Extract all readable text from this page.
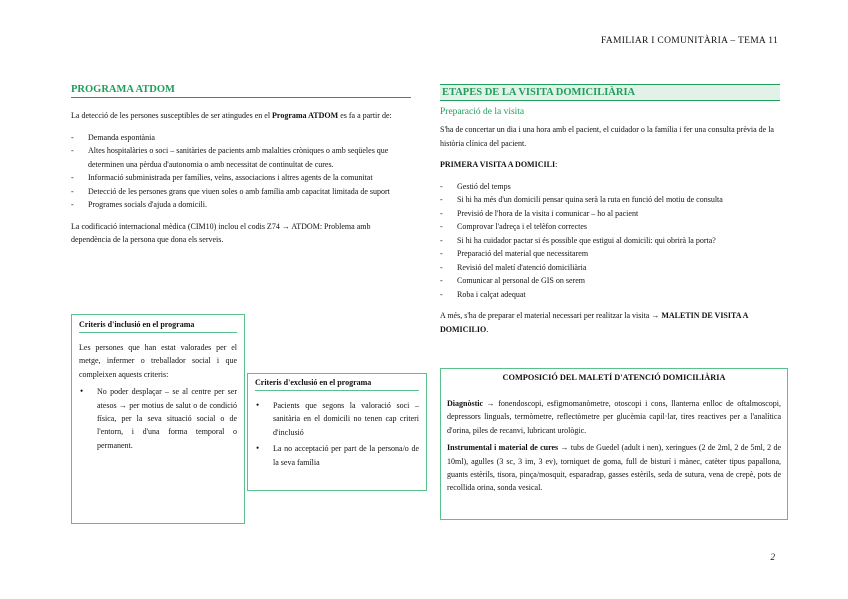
FAMILIAR I COMUNITÀRIA – TEMA 11
PROGRAMA ATDOM

La detecció de les persones susceptibles de ser atingudes en el Programa ATDOM es fa a partir de:

- Demanda espontània
- Altes hospitalàries o soci – sanitàries de pacients amb malalties cròniques o amb seqüeles que determinen una pèrdua d'autonomia o amb necessitat de continuïtat de cures.
- Informació subministrada per famílies, veïns, associacions i altres agents de la comunitat
- Detecció de les persones grans que viuen soles o amb família amb capacitat limitada de suport
- Programes socials d'ajuda a domicili.

La codificació internacional mèdica (CIM10) inclou el codis Z74 → ATDOM: Problema amb dependència de la persona que dona els serveis.

Criteris d'inclusió en el programa

Les persones que han estat valorades per el metge, infermer o treballador social i que compleixen aquests criteris:

• No poder desplaçar – se al centre per ser atesos → per motius de salut o de condició física, per la seva situació social o de l'entorn, i d'una forma temporal o permanent.
Criteris d'exclusió en el programa
• Pacients que segons la valoració soci – sanitària en el domicili no tenen cap criteri d'inclusió
• La no acceptació per part de la persona/o de la seva família
ETAPES DE LA VISITA DOMICILIÀRIA
Preparació de la visita

S'ha de concertar un dia i una hora amb el pacient, el cuidador o la família i fer una consulta prèvia de la història clínica del pacient.

PRIMERA VISITA A DOMICILI:

- Gestió del temps
- Si hi ha més d'un domicili pensar quina serà la ruta en funció del motiu de consulta
- Previsió de l'hora de la visita i comunicar – ho al pacient
- Comprovar l'adreça i el telèfon correctes
- Si hi ha cuidador pactar si és possible que estigui al domicili: qui obrirà la porta?
- Preparació del material que necessitarem
- Revisió del maletí d'atenció domiciliària
- Comunicar al personal de GIS on serem
- Roba i calçat adequat

A més, s'ha de preparar el material necessari per realitzar la visita → MALETIN DE VISITA A DOMICILIO.

COMPOSICIÓ DEL MALETÍ D'ATENCIÓ DOMICILIÀRIA

Diagnòstic → fonendoscopi, esfigmomanòmetre, otoscopi i cons, llanterna enlloc de oftalmoscopi, depressors linguals, termòmetre, reflectòmetre per glucèmia capil·lar, tires reactives per a l'analítica d'orina, piles de recanvi, lubricant urològic.

Instrumental i material de cures → tubs de Guedel (adult i nen), xeringues (2 de 2ml, 2 de 5ml, 2 de 10ml), agulles (3 sc, 3 im, 3 ev), torniquet de goma, full de bisturí i mànec, catèter tipus papallona, guants estèrils, tisora, pinça/mosquit, esparadrap, gasses estèrils, seda de sutura, vena de crepè, pots de recollida orina, sonda vesical.

2
